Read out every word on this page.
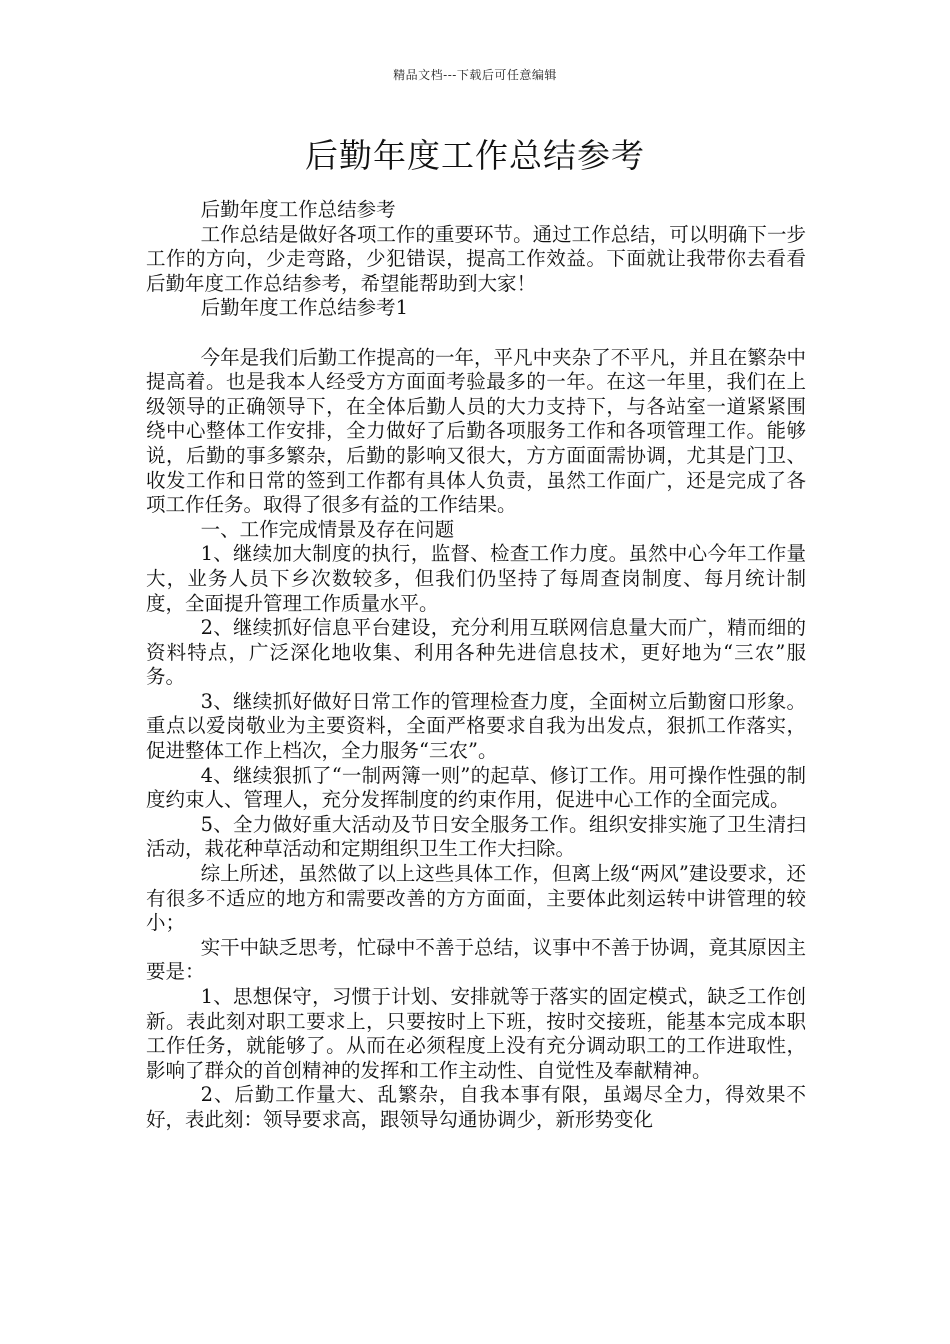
精品文档---下载后可任意编辑
后勤年度工作总结参考

后勤年度工作总结参考

工作总结是做好各项工作的重要环节。通过工作总结，可以明确下一步工作的方向，少走弯路，少犯错误，提高工作效益。下面就让我带你去看看后勤年度工作总结参考，希望能帮助到大家！

后勤年度工作总结参考1

今年是我们后勤工作提高的一年，平凡中夹杂了不平凡，并且在繁杂中提高着。也是我本人经受方方面面考验最多的一年。在这一年里，我们在上级领导的正确领导下，在全体后勤人员的大力支持下，与各站室一道紧紧围绕中心整体工作安排，全力做好了后勤各项服务工作和各项管理工作。能够说，后勤的事多繁杂，后勤的影响又很大，方方面面需协调，尤其是门卫、收发工作和日常的签到工作都有具体人负责，虽然工作面广，还是完成了各项工作任务。取得了很多有益的工作结果。

一、工作完成情景及存在问题

1、继续加大制度的执行，监督、检查工作力度。虽然中心今年工作量大，业务人员下乡次数较多，但我们仍坚持了每周查岗制度、每月统计制度，全面提升管理工作质量水平。

2、继续抓好信息平台建设，充分利用互联网信息量大而广，精而细的资料特点，广泛深化地收集、利用各种先进信息技术，更好地为“三农”服务。

3、继续抓好做好日常工作的管理检查力度，全面树立后勤窗口形象。重点以爱岗敬业为主要资料，全面严格要求自我为出发点，狠抓工作落实，促进整体工作上档次，全力服务“三农”。

4、继续狠抓了“一制两簿一则”的起草、修订工作。用可操作性强的制度约束人、管理人，充分发挥制度的约束作用，促进中心工作的全面完成。

5、全力做好重大活动及节日安全服务工作。组织安排实施了卫生清扫活动，栽花种草活动和定期组织卫生工作大扫除。

综上所述，虽然做了以上这些具体工作，但离上级“两风”建设要求，还有很多不适应的地方和需要改善的方方面面，主要体此刻运转中讲管理的较小；

实干中缺乏思考，忙碌中不善于总结，议事中不善于协调，竟其原因主要是：

1、思想保守，习惯于计划、安排就等于落实的固定模式，缺乏工作创新。表此刻对职工要求上，只要按时上下班，按时交接班，能基本完成本职工作任务，就能够了。从而在必须程度上没有充分调动职工的工作进取性，影响了群众的首创精神的发挥和工作主动性、自觉性及奉献精神。

2、后勤工作量大、乱繁杂，自我本事有限，虽竭尽全力，得效果不好，表此刻：领导要求高，跟领导勾通协调少，新形势变化
